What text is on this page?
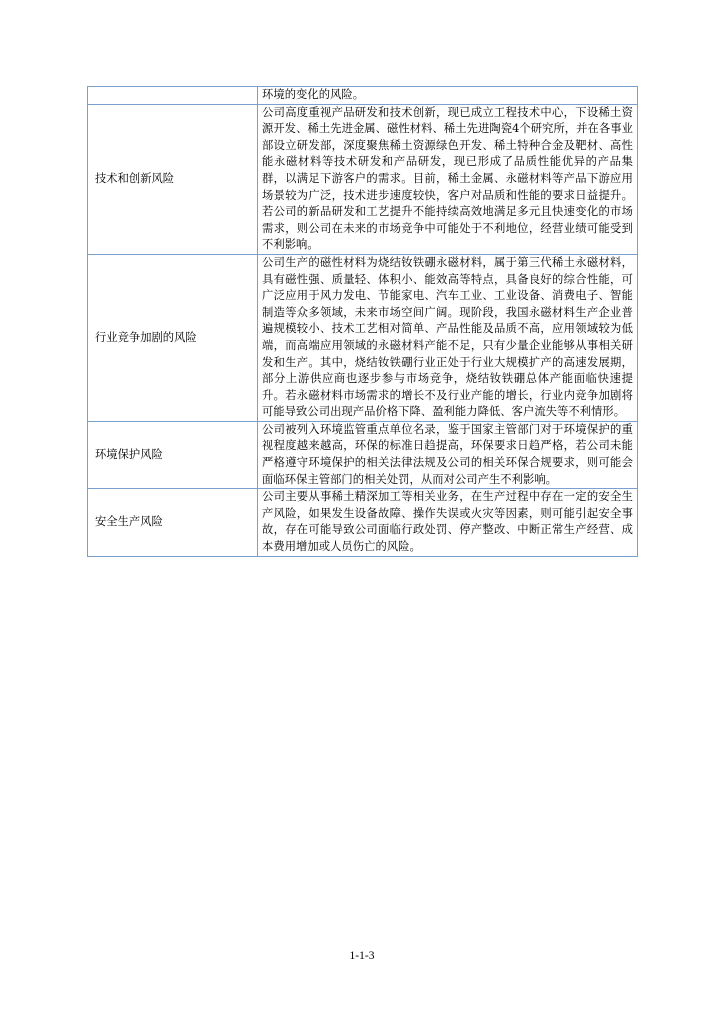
	环境的变化的风险。
技术和创新风险	公司高度重视产品研发和技术创新，现已成立工程技术中心，下设稀土资源开发、稀土先进金属、磁性材料、稀土先进陶瓷4个研究所，并在各事业部设立研发部，深度聚焦稀土资源绿色开发、稀土特种合金及靶材、高性能永磁材料等技术研发和产品研发，现已形成了品质性能优异的产品集群，以满足下游客户的需求。目前，稀土金属、永磁材料等产品下游应用场景较为广泛，技术进步速度较快，客户对品质和性能的要求日益提升。若公司的新品研发和工艺提升不能持续高效地满足多元且快速变化的市场需求，则公司在未来的市场竞争中可能处于不利地位，经营业绩可能受到不利影响。
行业竞争加剧的风险	公司生产的磁性材料为烧结钕铁硼永磁材料，属于第三代稀土永磁材料，具有磁性强、质量轻、体积小、能效高等特点，具备良好的综合性能，可广泛应用于风力发电、节能家电、汽车工业、工业设备、消费电子、智能制造等众多领域，未来市场空间广阔。现阶段，我国永磁材料生产企业普遍规模较小、技术工艺相对简单、产品性能及品质不高，应用领域较为低端，而高端应用领域的永磁材料产能不足，只有少量企业能够从事相关研发和生产。其中，烧结钕铁硼行业正处于行业大规模扩产的高速发展期，部分上游供应商也逐步参与市场竞争，烧结钕铁硼总体产能面临快速提升。若永磁材料市场需求的增长不及行业产能的增长，行业内竞争加剧将可能导致公司出现产品价格下降、盈利能力降低、客户流失等不利情形。
环境保护风险	公司被列入环境监管重点单位名录，鉴于国家主管部门对于环境保护的重视程度越来越高，环保的标准日趋提高，环保要求日趋严格，若公司未能严格遵守环境保护的相关法律法规及公司的相关环保合规要求，则可能会面临环保主管部门的相关处罚，从而对公司产生不利影响。
安全生产风险	公司主要从事稀土精深加工等相关业务，在生产过程中存在一定的安全生产风险，如果发生设备故障、操作失误或火灾等因素，则可能引起安全事故，存在可能导致公司面临行政处罚、停产整改、中断正常生产经营、成本费用增加或人员伤亡的风险。
1-1-3
